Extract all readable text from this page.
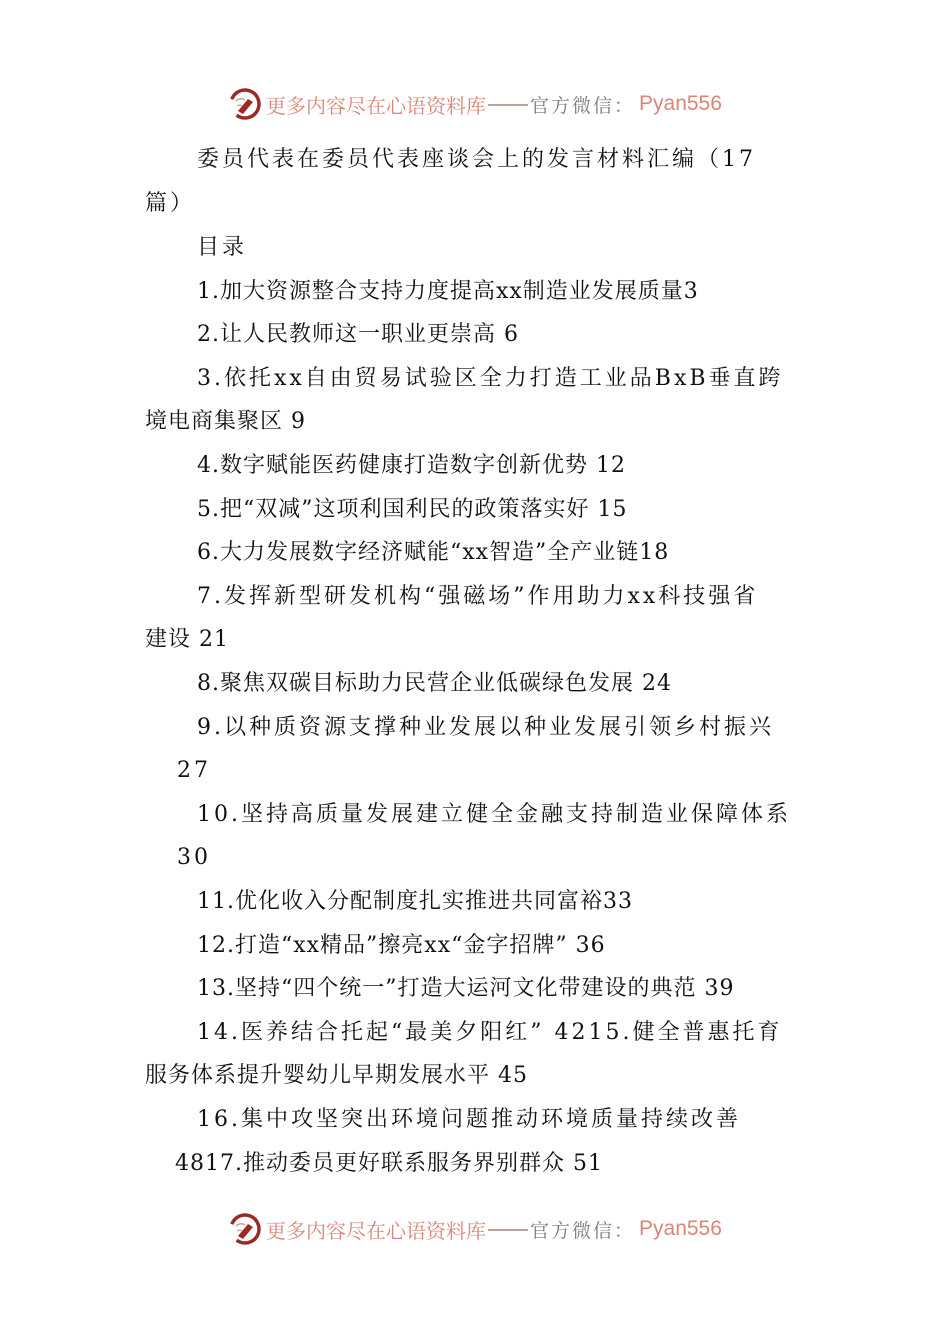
更多内容尽在心语资料库 官方微信： Pyan556
委员代表在委员代表座谈会上的发言材料汇编（17
篇）
目录
1.加大资源整合支持力度提高xx制造业发展质量3
2.让人民教师这一职业更崇高 6
3.依托xx自由贸易试验区全力打造工业品BxB垂直跨
境电商集聚区 9
4.数字赋能医药健康打造数字创新优势 12
5.把“双减”这项利国利民的政策落实好 15
6.大力发展数字经济赋能“xx智造”全产业链18
7.发挥新型研发机构“强磁场”作用助力xx科技强省
建设 21
8.聚焦双碳目标助力民营企业低碳绿色发展 24
9.以种质资源支撑种业发展以种业发展引领乡村振兴
27
10.坚持高质量发展建立健全金融支持制造业保障体系
30
11.优化收入分配制度扎实推进共同富裕33
12.打造“xx精品”擦亮xx“金字招牌” 36
13.坚持“四个统一”打造大运河文化带建设的典范 39
14.医养结合托起“最美夕阳红” 4215.健全普惠托育
服务体系提升婴幼儿早期发展水平 45
16.集中攻坚突出环境问题推动环境质量持续改善
4817.推动委员更好联系服务界别群众 51
更多内容尽在心语资料库 官方微信： Pyan556
